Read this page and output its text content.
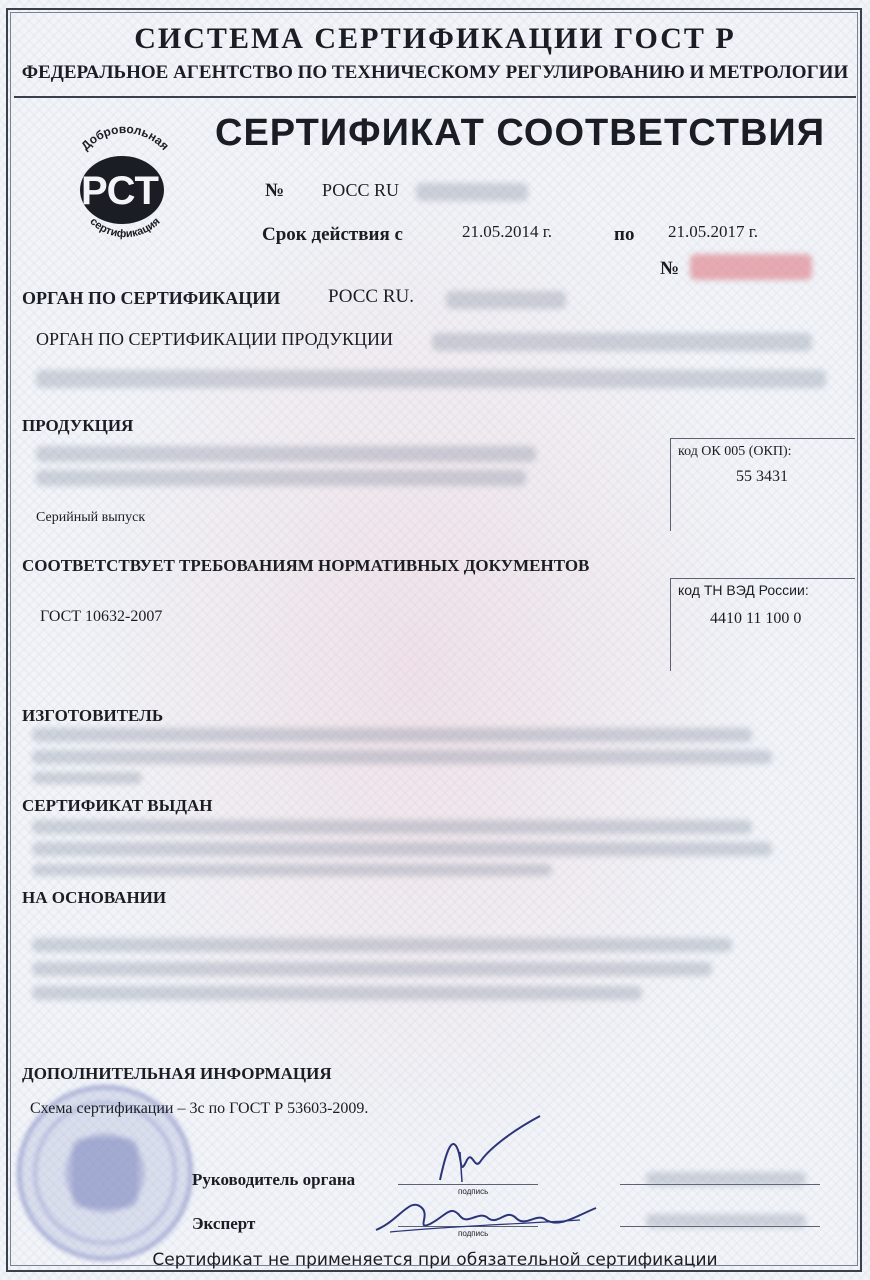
СИСТЕМА СЕРТИФИКАЦИИ ГОСТ Р
ФЕДЕРАЛЬНОЕ АГЕНТСТВО ПО ТЕХНИЧЕСКОМУ РЕГУЛИРОВАНИЮ И МЕТРОЛОГИИ
Добровольная
РСТ
сертификация
СЕРТИФИКАТ СООТВЕТСТВИЯ
№ РОСС RU
Срок действия с	21.05.2014 г.	по 21.05.2017 г.
№
ОРГАН ПО СЕРТИФИКАЦИИ	РОСС RU.
ОРГАН ПО СЕРТИФИКАЦИИ ПРОДУКЦИИ
ПРОДУКЦИЯ
Серийный выпуск
код ОК 005 (ОКП):
55 3431
СООТВЕТСТВУЕТ ТРЕБОВАНИЯМ НОРМАТИВНЫХ ДОКУМЕНТОВ
ГОСТ 10632-2007
код ТН ВЭД России:
4410 11 100 0
ИЗГОТОВИТЕЛЬ
СЕРТИФИКАТ ВЫДАН
НА ОСНОВАНИИ
ДОПОЛНИТЕЛЬНАЯ ИНФОРМАЦИЯ
Схема сертификации – 3с по ГОСТ Р 53603-2009.
Руководитель органа
подпись
Эксперт
подпись
Сертификат не применяется при обязательной сертификации
